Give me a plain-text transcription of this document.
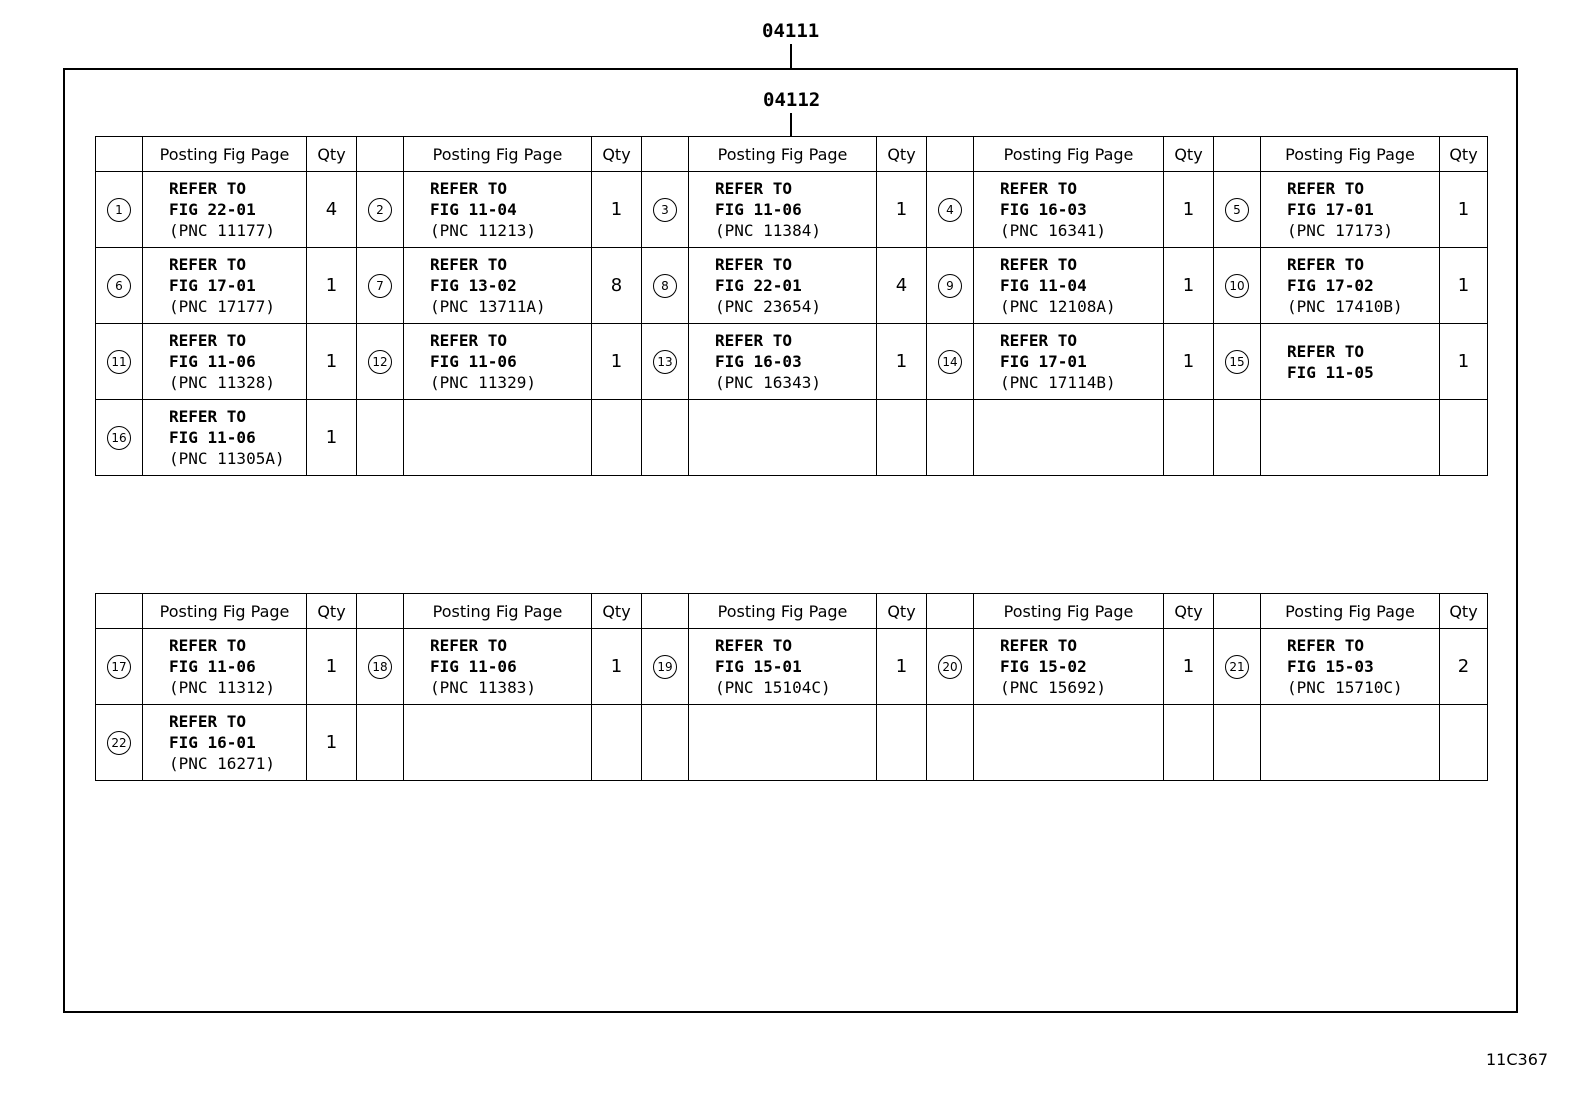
04111
04112
	Posting Fig Page	Qty		Posting Fig Page	Qty		Posting Fig Page	Qty		Posting Fig Page	Qty		Posting Fig Page	Qty
1	REFER TO
FIG 22-01
(PNC 11177)	4	2	REFER TO
FIG 11-04
(PNC 11213)	1	3	REFER TO
FIG 11-06
(PNC 11384)	1	4	REFER TO
FIG 16-03
(PNC 16341)	1	5	REFER TO
FIG 17-01
(PNC 17173)	1
6	REFER TO
FIG 17-01
(PNC 17177)	1	7	REFER TO
FIG 13-02
(PNC 13711A)	8	8	REFER TO
FIG 22-01
(PNC 23654)	4	9	REFER TO
FIG 11-04
(PNC 12108A)	1	10	REFER TO
FIG 17-02
(PNC 17410B)	1
11	REFER TO
FIG 11-06
(PNC 11328)	1	12	REFER TO
FIG 11-06
(PNC 11329)	1	13	REFER TO
FIG 16-03
(PNC 16343)	1	14	REFER TO
FIG 17-01
(PNC 17114B)	1	15	REFER TO
FIG 11-05	1
16	REFER TO
FIG 11-06
(PNC 11305A)	1												
	Posting Fig Page	Qty		Posting Fig Page	Qty		Posting Fig Page	Qty		Posting Fig Page	Qty		Posting Fig Page	Qty
17	REFER TO
FIG 11-06
(PNC 11312)	1	18	REFER TO
FIG 11-06
(PNC 11383)	1	19	REFER TO
FIG 15-01
(PNC 15104C)	1	20	REFER TO
FIG 15-02
(PNC 15692)	1	21	REFER TO
FIG 15-03
(PNC 15710C)	2
22	REFER TO
FIG 16-01
(PNC 16271)	1												
11C367
